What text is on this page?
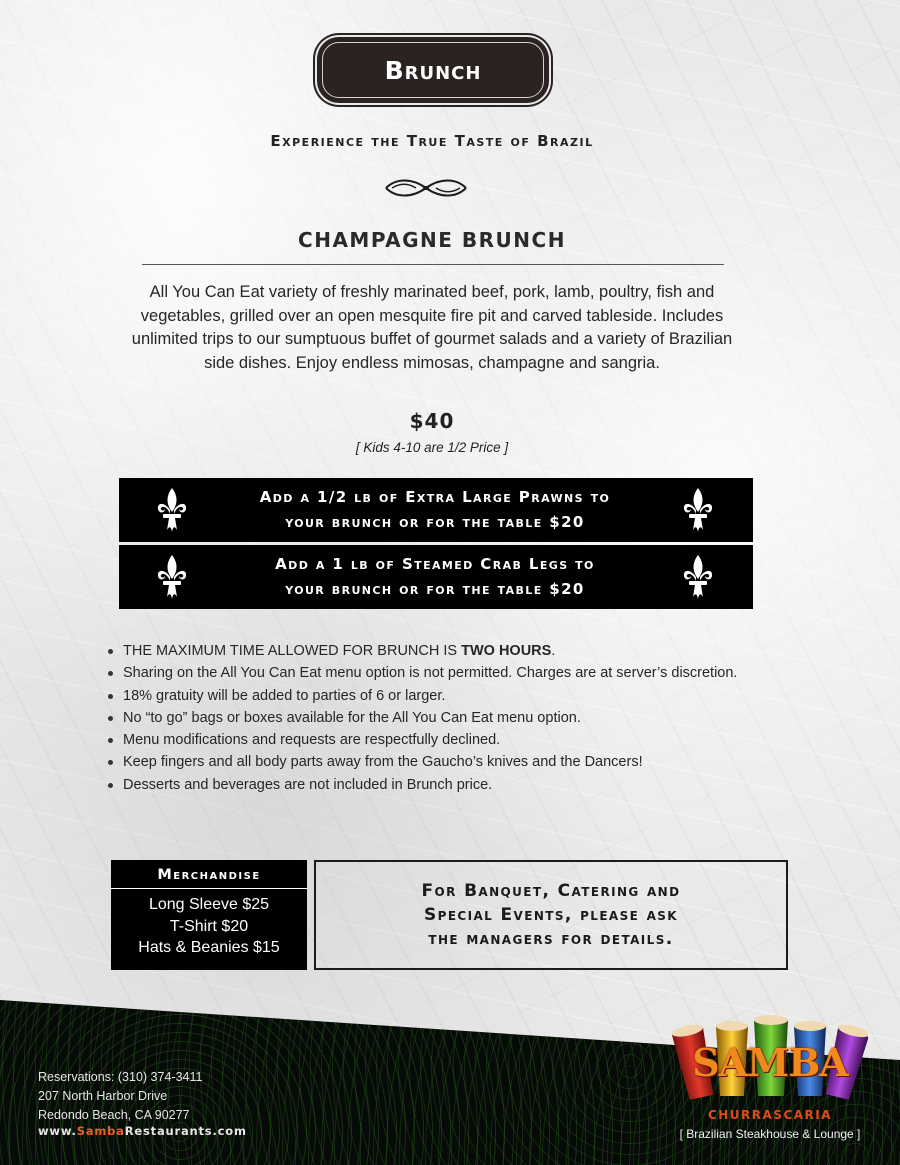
Brunch
Experience the True Taste of Brazil
CHAMPAGNE BRUNCH
All You Can Eat variety of freshly marinated beef, pork, lamb, poultry, fish and vegetables, grilled over an open mesquite fire pit and carved tableside. Includes unlimited trips to our sumptuous buffet of gourmet salads and a variety of Brazilian side dishes. Enjoy endless mimosas, champagne and sangria.
$40
[ Kids 4-10 are 1/2 Price ]
Add a 1/2 lb of Extra Large Prawns to
your brunch or for the table $20
Add a 1 lb of Steamed Crab Legs to
your brunch or for the table $20
THE MAXIMUM TIME ALLOWED FOR BRUNCH IS TWO HOURS.
Sharing on the All You Can Eat menu option is not permitted. Charges are at server’s discretion.
18% gratuity will be added to parties of 6 or larger.
No “to go” bags or boxes available for the All You Can Eat menu option.
Menu modifications and requests are respectfully declined.
Keep fingers and all body parts away from the Gaucho’s knives and the Dancers!
Desserts and beverages are not included in Brunch price.
Merchandise
Long Sleeve $25
T-Shirt $20
Hats & Beanies $15
For Banquet, Catering and
Special Events, please ask
the managers for details.
Reservations: (310) 374-3411
207 North Harbor Drive
Redondo Beach, CA 90277
www.SambaRestaurants.com
SAMBA
CHURRASCARIA
[ Brazilian Steakhouse & Lounge ]
